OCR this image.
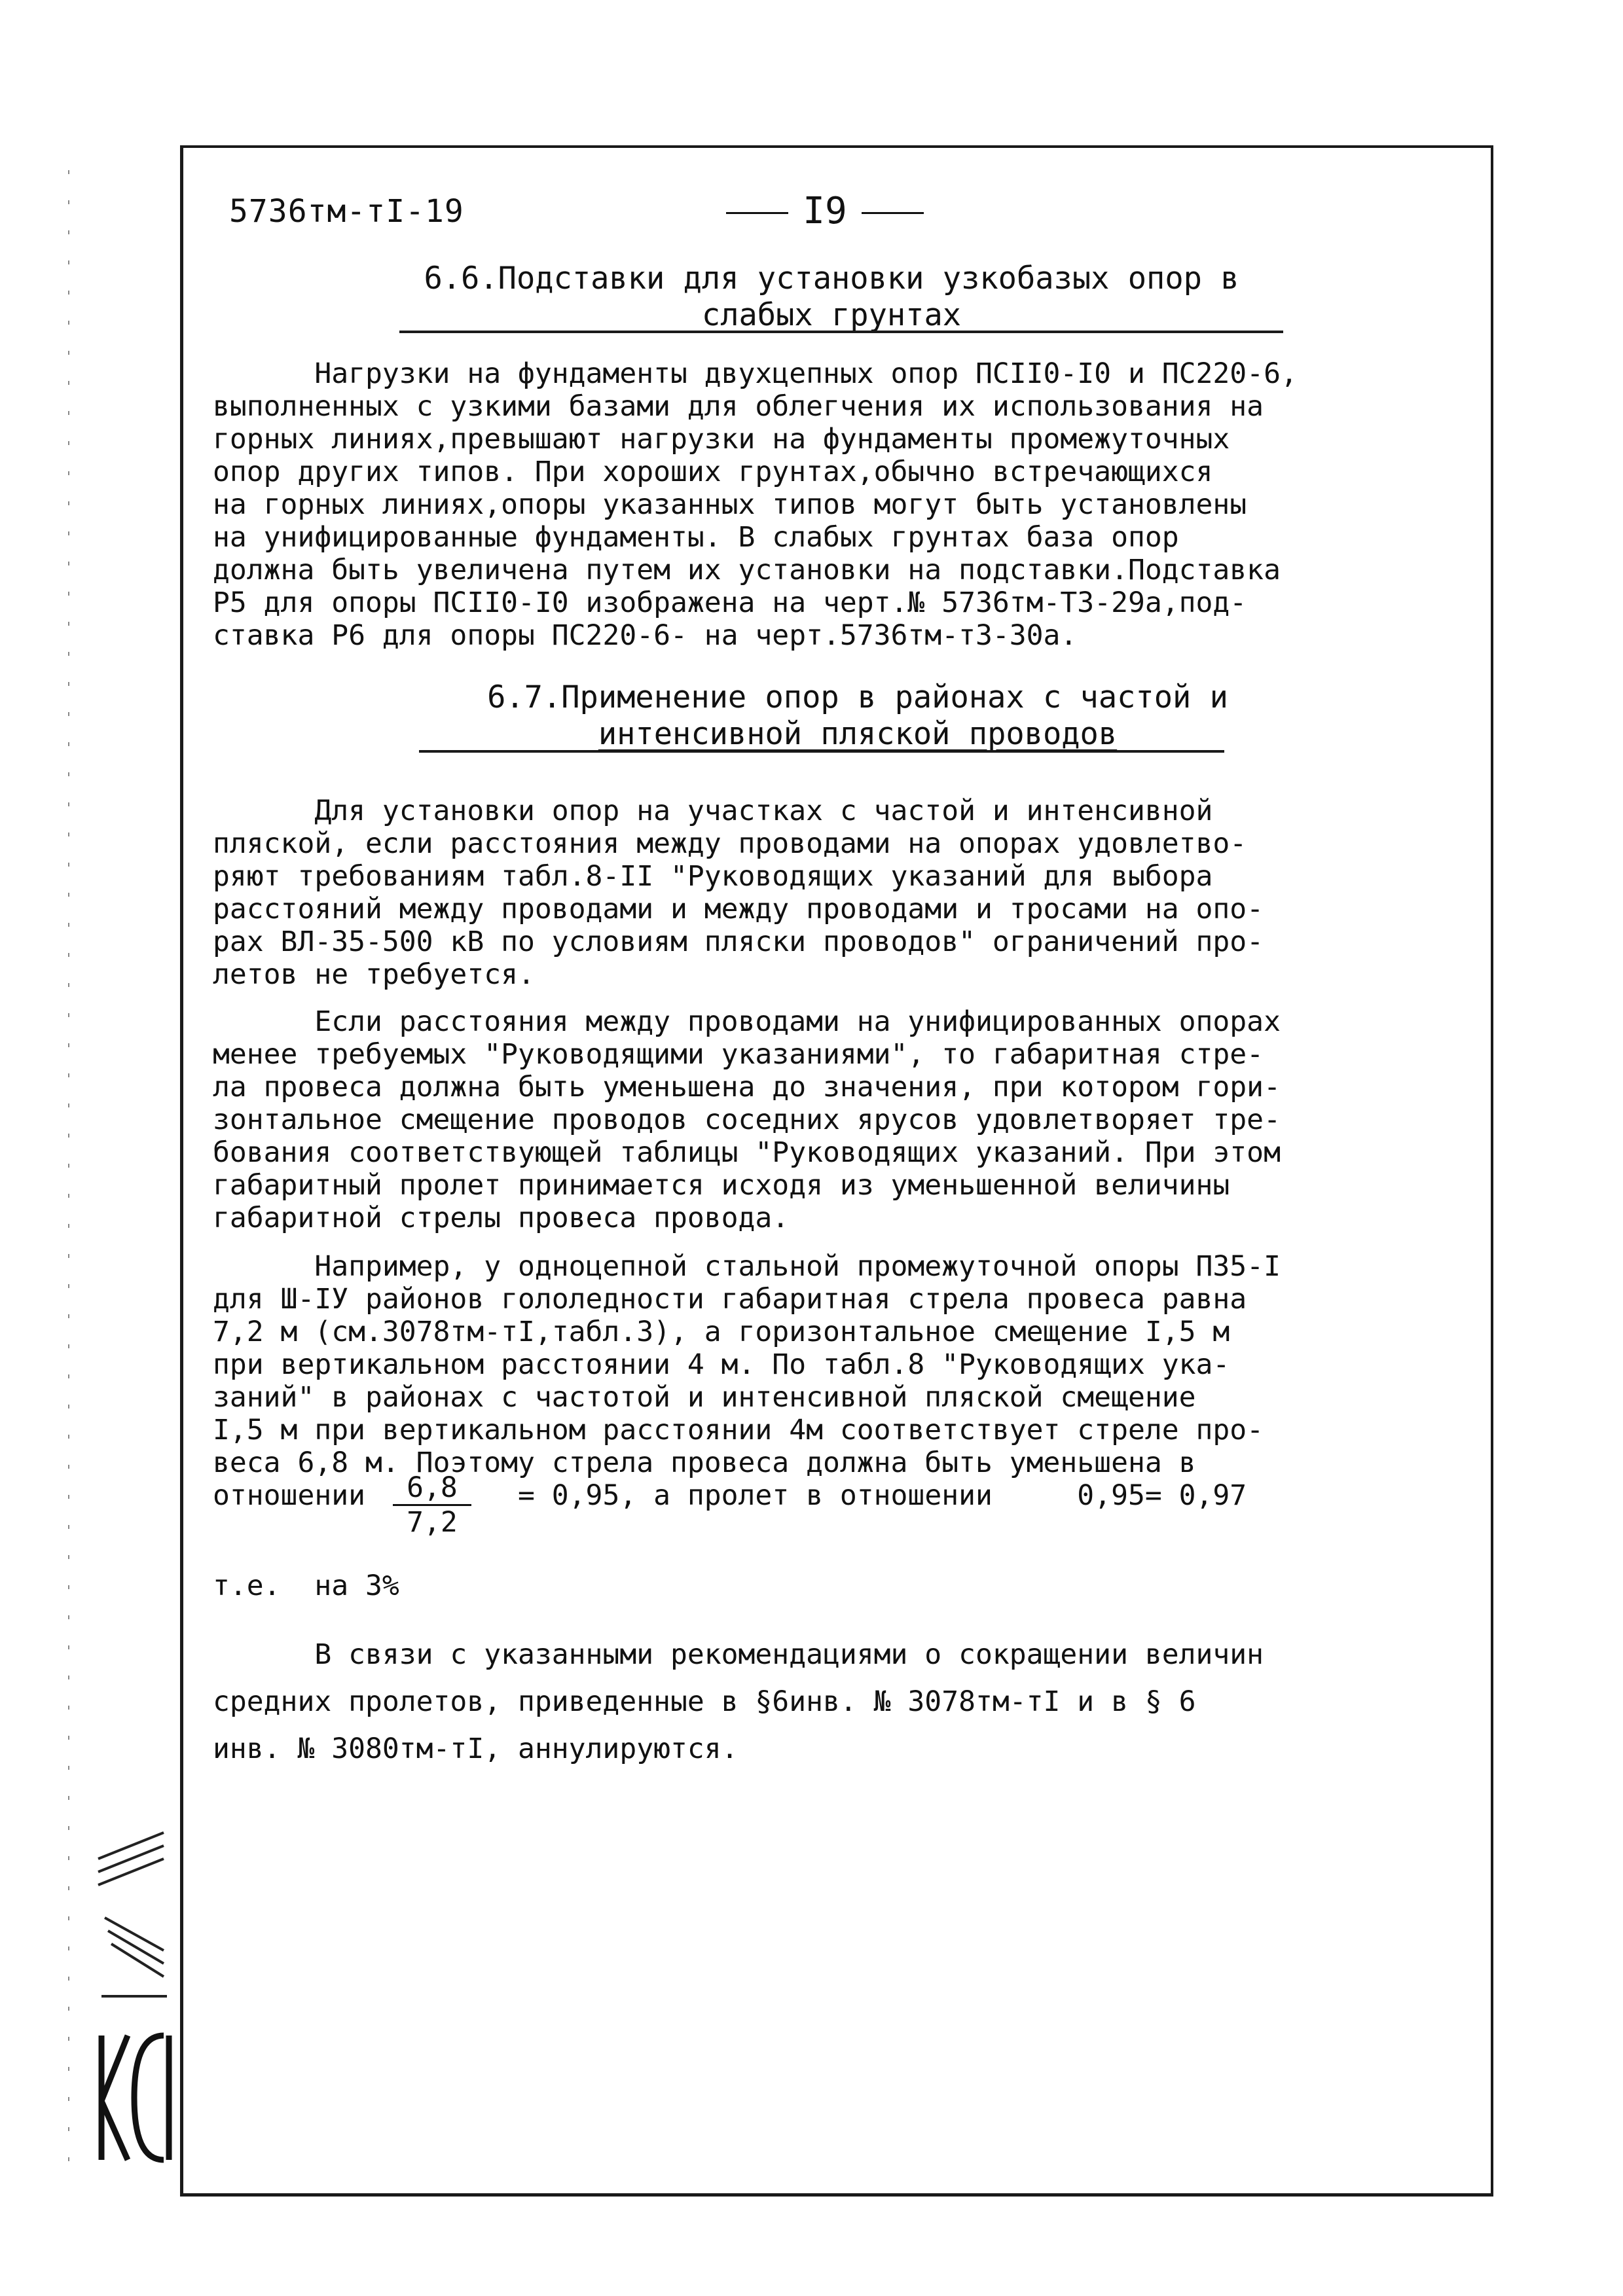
5736тм-тI-19	I9
6.6.Подставки для установки узкобазых опор в
слабых грунтах
Нагрузки на фундаменты двухцепных опор ПСII0-I0 и ПС220-6,
выполненных с узкими базами для облегчения их использования на
горных линиях,превышают нагрузки на фундаменты промежуточных
опор других типов. При хороших грунтах,обычно встречающихся
на горных линиях,опоры указанных типов могут быть установлены
на унифицированные фундаменты. В слабых грунтах база опор
должна быть увеличена путем их установки на подставки.Подставка
Р5 для опоры ПСII0-I0 изображена на черт.№ 5736тм-Т3-29а,под-
ставка Р6 для опоры ПС220-6- на черт.5736тм-т3-30а.
6.7.Применение опор в районах с частой и
интенсивной пляской проводов
Для установки опор на участках с частой и интенсивной
пляской, если расстояния между проводами на опорах удовлетво-
ряют требованиям табл.8-II "Руководящих указаний для выбора
расстояний между проводами и между проводами и тросами на опо-
рах ВЛ-35-500 кВ по условиям пляски проводов" ограничений про-
летов не требуется.
Если расстояния между проводами на унифицированных опорах
менее требуемых "Руководящими указаниями", то габаритная стре-
ла провеса должна быть уменьшена до значения, при котором гори-
зонтальное смещение проводов соседних ярусов удовлетворяет тре-
бования соответствующей таблицы "Руководящих указаний. При этом
габаритный пролет принимается исходя из уменьшенной величины
габаритной стрелы провеса провода.
Например, у одноцепной стальной промежуточной опоры П35-I
для Ш-IУ районов гололедности габаритная стрела провеса равна
7,2 м (см.3078тм-тI,табл.3), а горизонтальное смещение I,5 м
при вертикальном расстоянии 4 м. По табл.8 "Руководящих ука-
заний" в районах с частотой и интенсивной пляской смещение
I,5 м при вертикальном расстоянии 4м соответствует стреле про-
веса 6,8 м. Поэтому стрела провеса должна быть уменьшена в
отношении	= 0,95, а пролет в отношении     0,95= 0,97
$\frac{6,8}{7,2}$
т.е.  на 3%
В связи с указанными рекомендациями о сокращении величин
средних пролетов, приведенные в §6инв. № 3078тм-тI и в § 6
инв. № 3080тм-тI, аннулируются.
